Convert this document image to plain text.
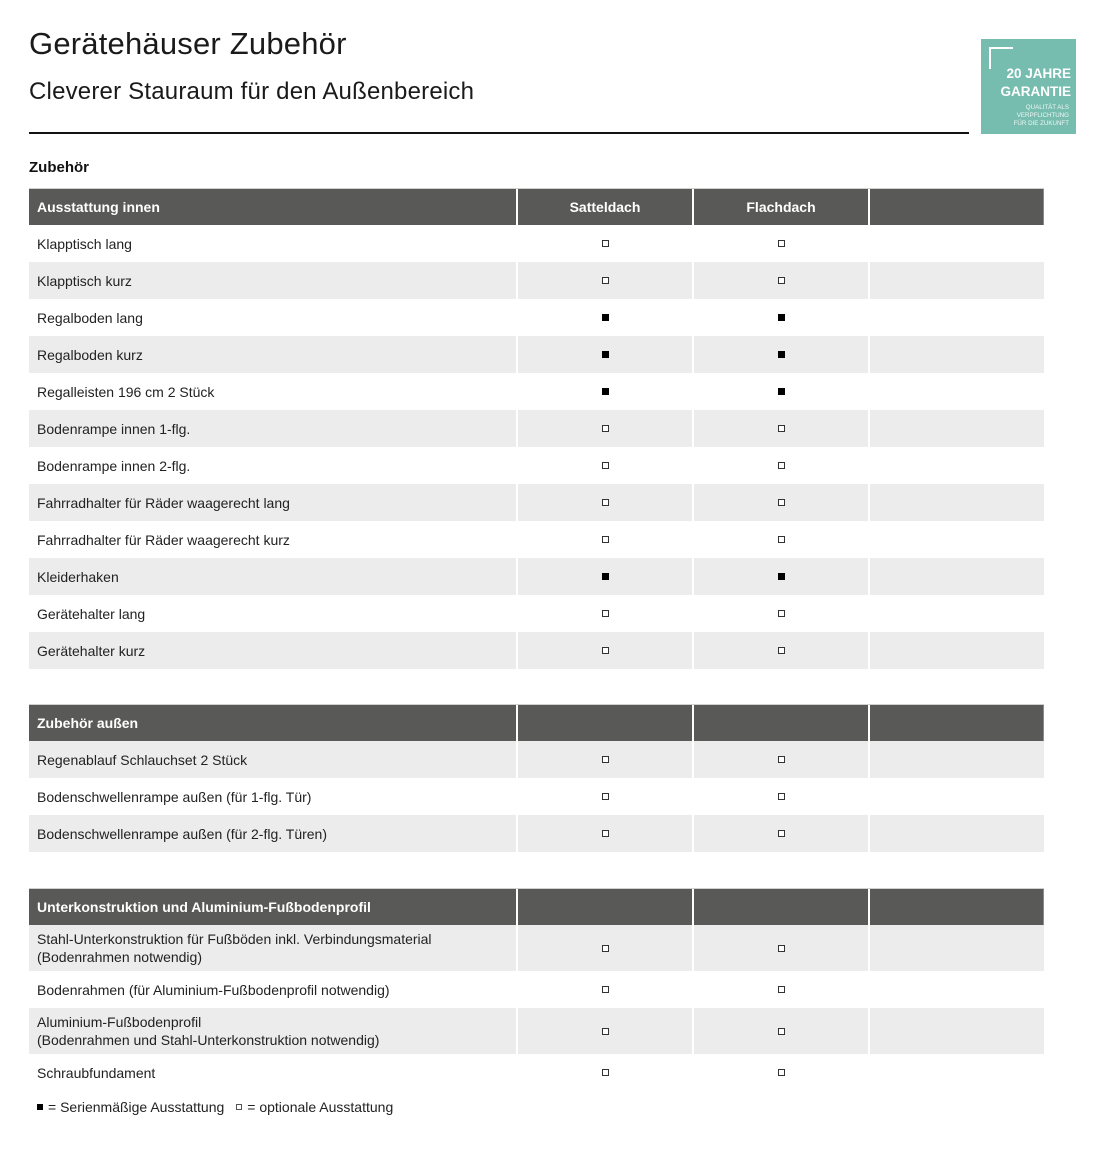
Gerätehäuser Zubehör
Cleverer Stauraum für den Außenbereich
20 JAHRE
GARANTIE
QUALITÄT ALS
VERPFLICHTUNG
FÜR DIE ZUKUNFT
Zubehör
Ausstattung innen	Satteldach	Flachdach
Klapptisch lang
Klapptisch kurz
Regalboden lang
Regalboden kurz
Regalleisten 196 cm 2 Stück
Bodenrampe innen 1-flg.
Bodenrampe innen 2-flg.
Fahrradhalter für Räder waagerecht lang
Fahrradhalter für Räder waagerecht kurz
Kleiderhaken
Gerätehalter lang
Gerätehalter kurz
Zubehör außen
Regenablauf Schlauchset 2 Stück
Bodenschwellenrampe außen (für 1-flg. Tür)
Bodenschwellenrampe außen (für 2-flg. Türen)
Unterkonstruktion und Aluminium-Fußbodenprofil
Stahl-Unterkonstruktion für Fußböden inkl. Verbindungsmaterial
(Bodenrahmen notwendig)
Bodenrahmen (für Aluminium-Fußbodenprofil notwendig)
Aluminium-Fußbodenprofil
(Bodenrahmen und Stahl-Unterkonstruktion notwendig)
Schraubfundament
= Serienmäßige Ausstattung = optionale Ausstattung
